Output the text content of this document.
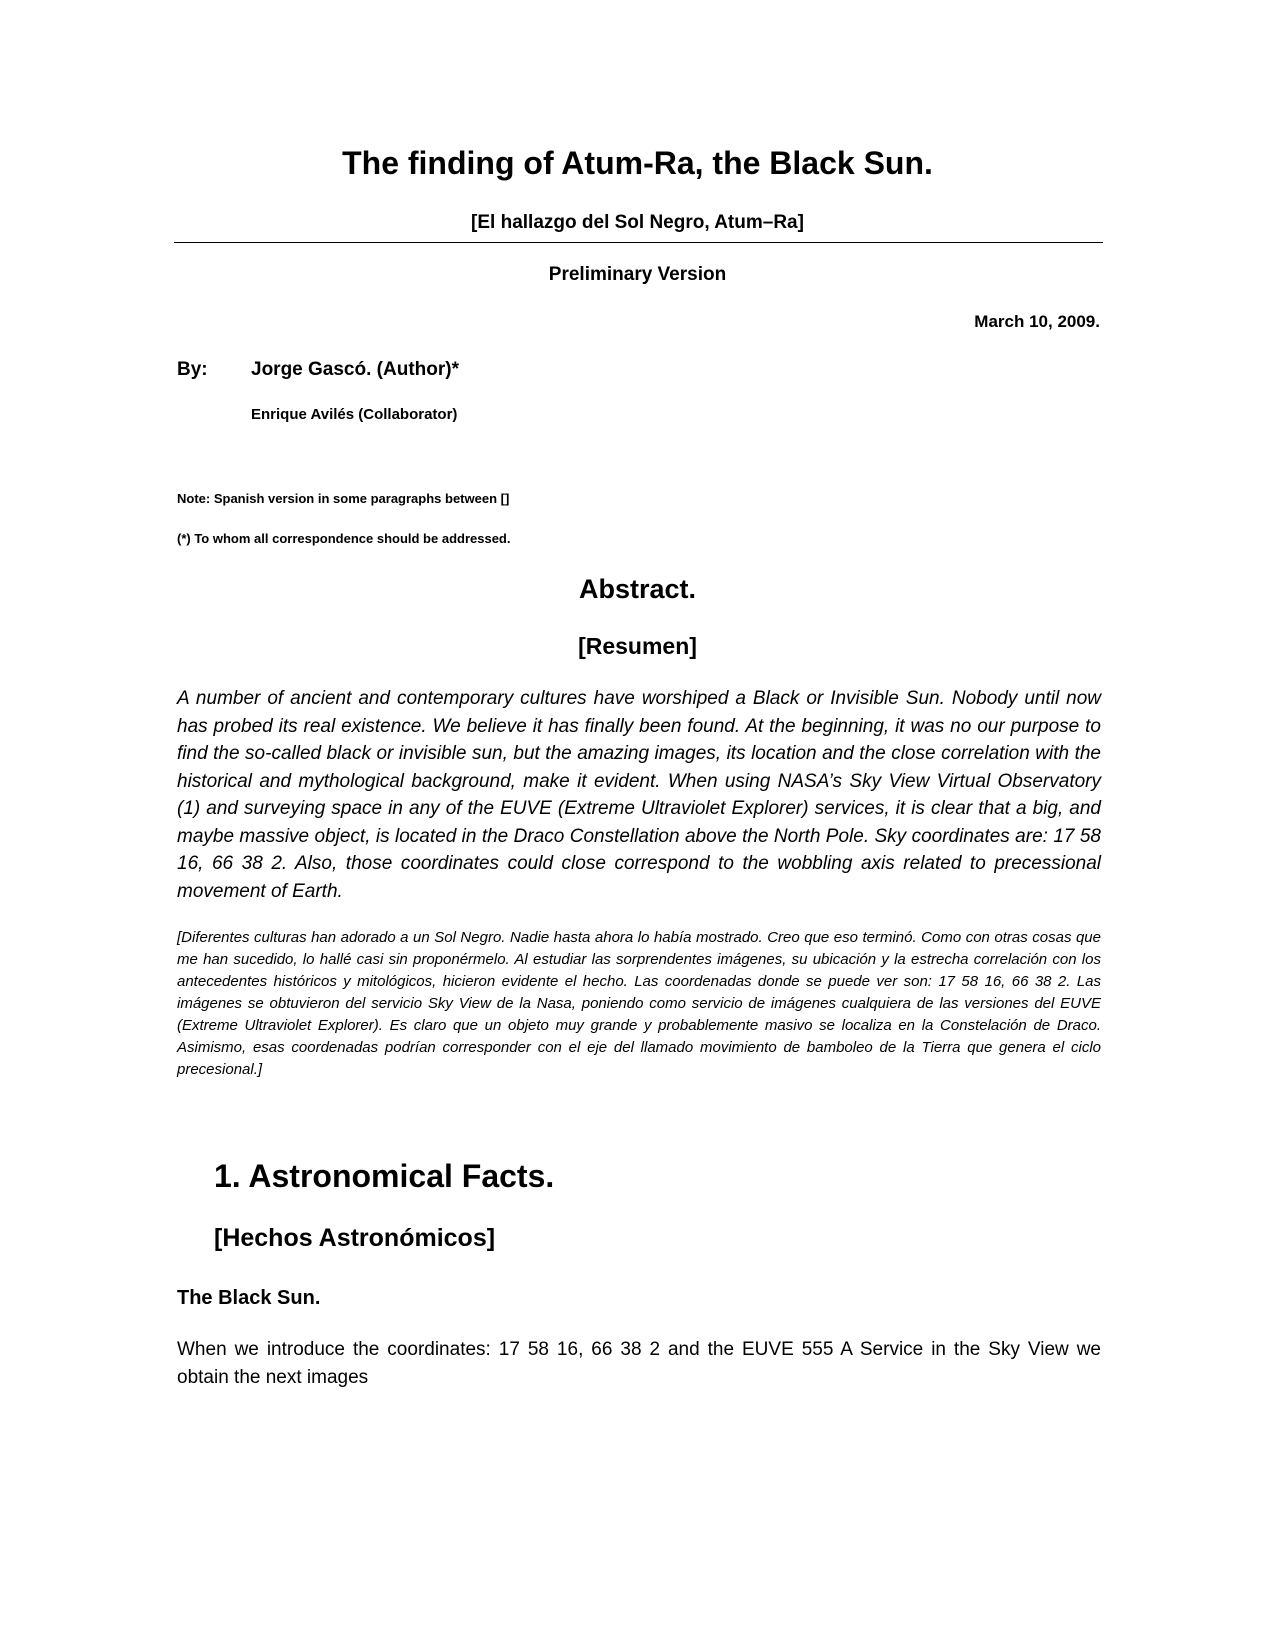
The finding of Atum-Ra, the Black Sun.
[El hallazgo del Sol Negro, Atum–Ra]
Preliminary Version
March 10, 2009.
By: Jorge Gascó. (Author)*
Enrique Avilés (Collaborator)
Note: Spanish version in some paragraphs between []
(*) To whom all correspondence should be addressed.
Abstract.
[Resumen]

A number of ancient and contemporary cultures have worshiped a Black or Invisible Sun. Nobody until now has probed its real existence. We believe it has finally been found. At the beginning, it was no our purpose to find the so-called black or invisible sun, but the amazing images, its location and the close correlation with the historical and mythological background, make it evident. When using NASA’s Sky View Virtual Observatory (1) and surveying space in any of the EUVE (Extreme Ultraviolet Explorer) services, it is clear that a big, and maybe massive object, is located in the Draco Constellation above the North Pole. Sky coordinates are: 17 58 16, 66 38 2. Also, those coordinates could close correspond to the wobbling axis related to precessional movement of Earth.

[Diferentes culturas han adorado a un Sol Negro. Nadie hasta ahora lo había mostrado. Creo que eso terminó. Como con otras cosas que me han sucedido, lo hallé casi sin proponérmelo. Al estudiar las sorprendentes imágenes, su ubicación y la estrecha correlación con los antecedentes históricos y mitológicos, hicieron evidente el hecho. Las coordenadas donde se puede ver son: 17 58 16, 66 38 2. Las imágenes se obtuvieron del servicio Sky View de la Nasa, poniendo como servicio de imágenes cualquiera de las versiones del EUVE (Extreme Ultraviolet Explorer). Es claro que un objeto muy grande y probablemente masivo se localiza en la Constelación de Draco. Asimismo, esas coordenadas podrían corresponder con el eje del llamado movimiento de bamboleo de la Tierra que genera el ciclo precesional.]

1. Astronomical Facts.
[Hechos Astronómicos]
The Black Sun.

When we introduce the coordinates: 17 58 16, 66 38 2 and the EUVE 555 A Service in the Sky View we obtain the next images
